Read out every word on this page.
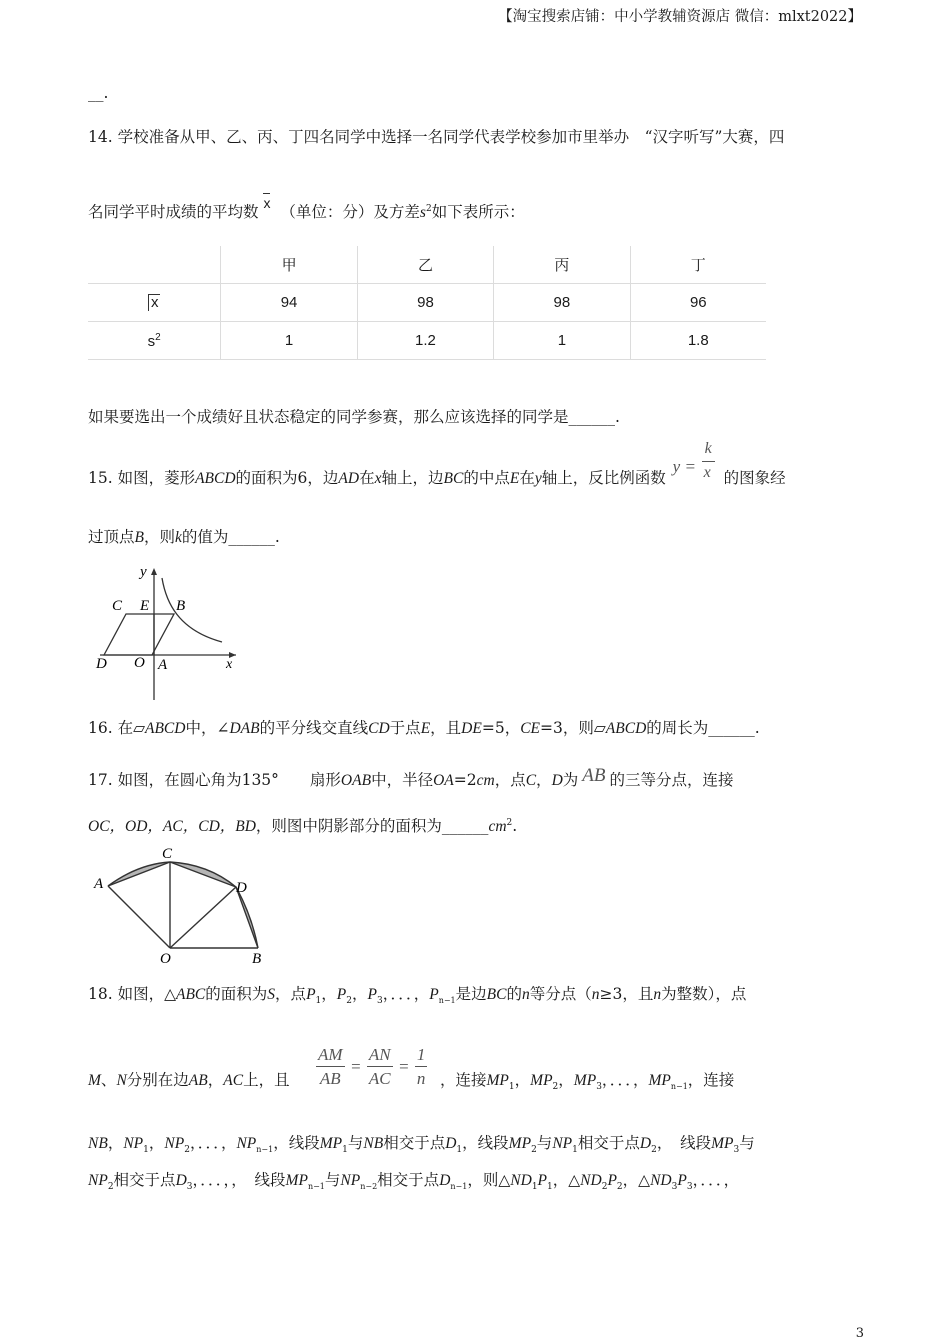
【淘宝搜索店铺：中小学教辅资源店 微信：mlxt2022】
__.
14. 学校准备从甲、乙、丙、丁四名同学中选择一名同学代表学校参加市里举办　“汉字听写”大赛，四
名同学平时成绩的平均数 x （单位：分）及方差$s^2$如下表所示：
	甲	乙	丙	丁
x	94	98	98	96
$s^2$	1	1.2	1	1.8
如果要选出一个成绩好且状态稳定的同学参赛，那么应该选择的同学是______.
15. 如图，菱形ABCD的面积为6，边AD在x轴上，边BC的中点E在y轴上，反比例函数
y =
k
x 的图象经
过顶点B，则k的值为______.
y
x
C E B
D O A
16. 在▱ABCD中，∠DAB的平分线交直线CD于点E，且DE=5，CE=3，则▱ABCD的周长为______.
17. 如图，在圆心角为135°　　扇形OAB中，半径OA=2cm，点C，D为 AB 的三等分点，连接
OC，OD，AC，CD，BD，则图中阴影部分的面积为$\_\_\_\_\_\_cm^2$.
A
C
D
O	B
18. 如图，△ABC的面积为S，点$P_1$，$P_2$，$P_3$，．．．，$P_{n-1}$是边BC的n等分点（n≥3，且n为整数），点
$\frac{AM}{AB} = \frac{AN}{AC} = \frac{1}{n}$
M、N分别在边AB，AC上，且	，连接$MP_1$，$MP_2$，$MP_3$，．．．，$MP_{n-1}$，连接
NB，$NP_1$，$NP_2$，．．．，$NP_{n-1}$，线段$MP_1$与NB相交于点$D_1$，线段$MP_2$与$NP_1$相交于点$D_2$，　线段$MP_3$与
$NP_2$相交于点$D_3$，．．．，，　线段$MP_{n-1}$与$NP_{n-2}$相交于点$D_{n-1}$，则$\triangle ND_1P_1$，$\triangle ND_2P_2$，$\triangle ND_3P_3$，．．．，
3
